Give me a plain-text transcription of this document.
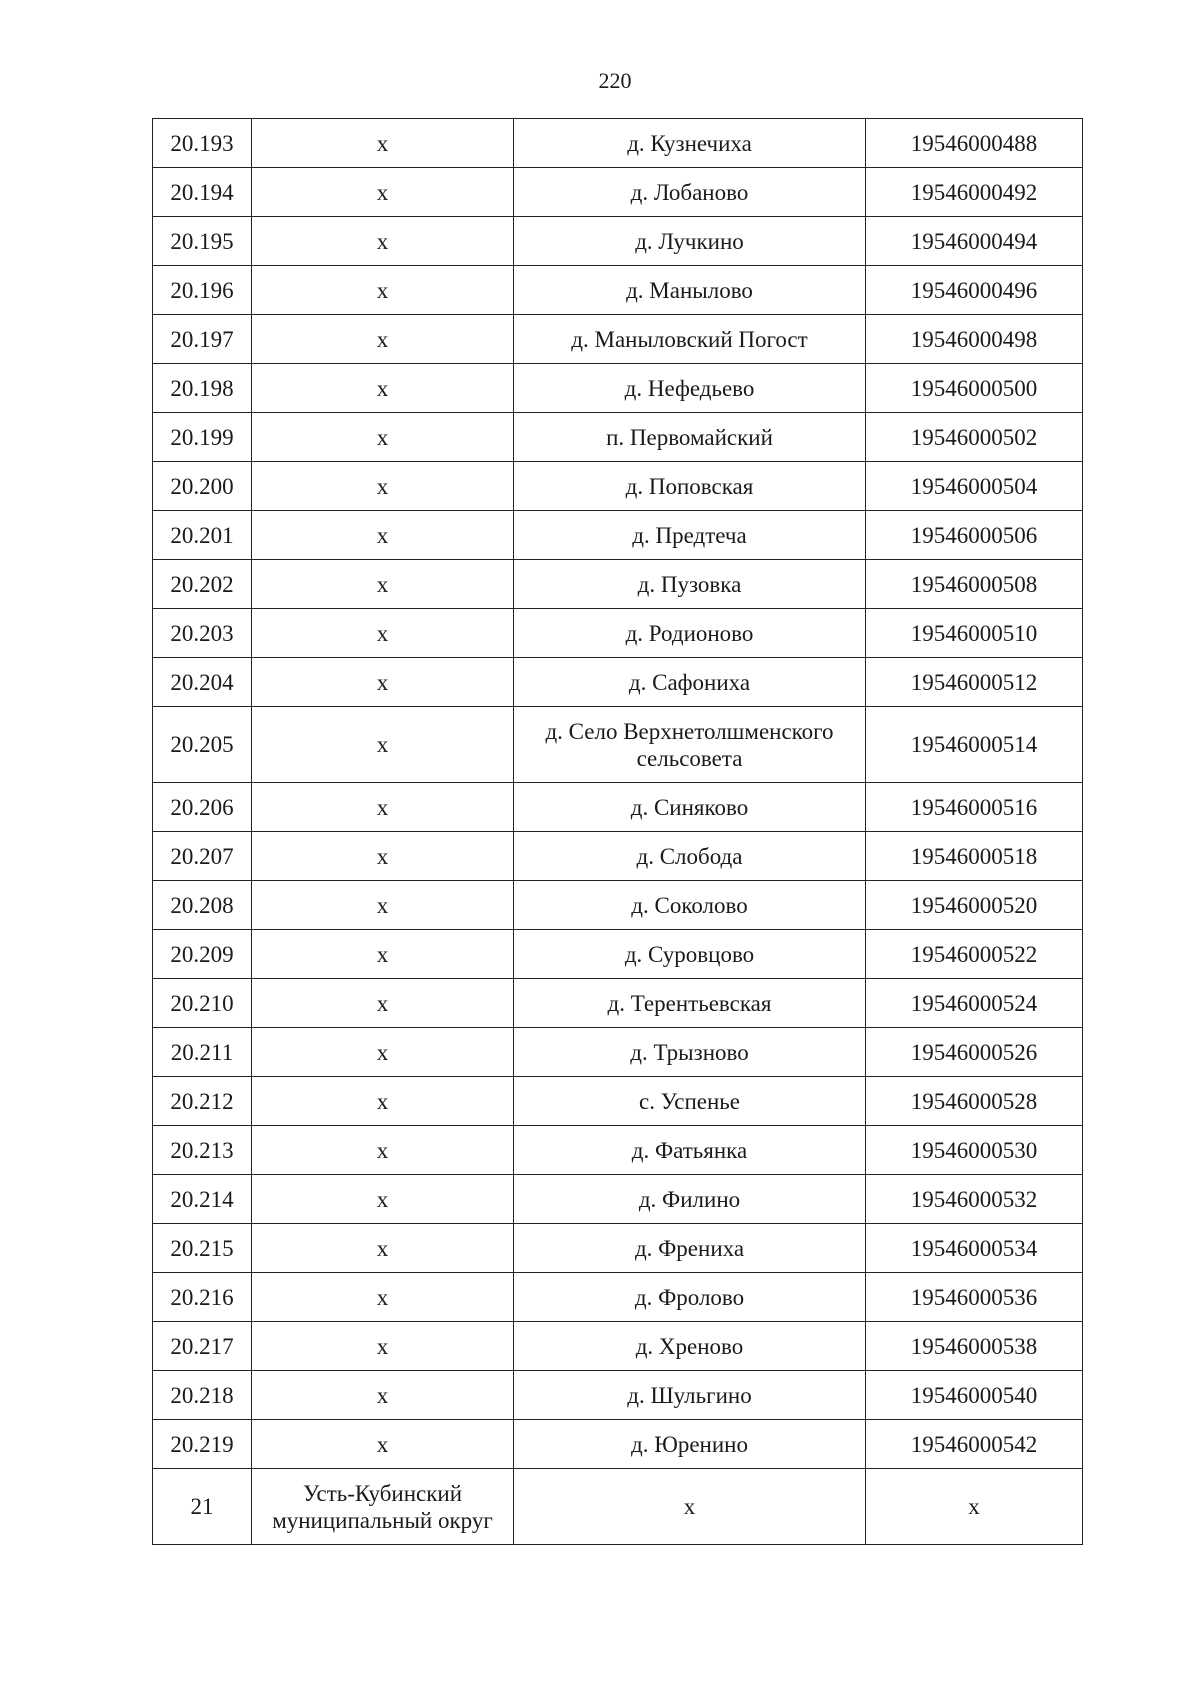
220
20.193	х	д. Кузнечиха	19546000488
20.194	х	д. Лобаново	19546000492
20.195	х	д. Лучкино	19546000494
20.196	х	д. Манылово	19546000496
20.197	х	д. Маныловский Погост	19546000498
20.198	х	д. Нефедьево	19546000500
20.199	х	п. Первомайский	19546000502
20.200	х	д. Поповская	19546000504
20.201	х	д. Предтеча	19546000506
20.202	х	д. Пузовка	19546000508
20.203	х	д. Родионово	19546000510
20.204	х	д. Сафониха	19546000512
20.205	х	д. Село Верхнетолшменского сельсовета	19546000514
20.206	х	д. Синяково	19546000516
20.207	х	д. Слобода	19546000518
20.208	х	д. Соколово	19546000520
20.209	х	д. Суровцово	19546000522
20.210	х	д. Терентьевская	19546000524
20.211	х	д. Трызново	19546000526
20.212	х	с. Успенье	19546000528
20.213	х	д. Фатьянка	19546000530
20.214	х	д. Филино	19546000532
20.215	х	д. Френиха	19546000534
20.216	х	д. Фролово	19546000536
20.217	х	д. Хреново	19546000538
20.218	х	д. Шульгино	19546000540
20.219	х	д. Юренино	19546000542
21	Усть-Кубинский муниципальный округ	х	х
